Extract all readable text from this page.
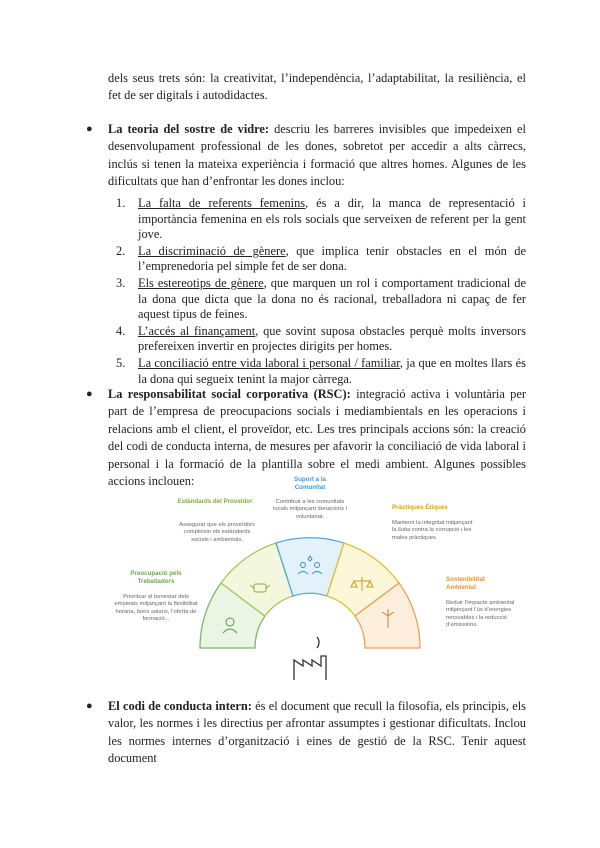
dels seus trets són: la creativitat, l’independència, l’adaptabilitat, la resiliència, el fet de ser digitals i autodidactes.
● La teoria del sostre de vidre: descriu les barreres invisibles que impedeixen el desenvolupament professional de les dones, sobretot per accedir a alts càrrecs, inclús si tenen la mateixa experiència i formació que altres homes. Algunes de les dificultats que han d’enfrontar les dones inclou:
1. La falta de referents femenins, és a dir, la manca de representació i importància femenina en els rols socials que serveixen de referent per la gent jove.
2. La discriminació de gènere, que implica tenir obstacles en el món de l’emprenedoria pel simple fet de ser dona.
3. Els estereotips de gènere, que marquen un rol i comportament tradicional de la dona que dicta que la dona no és racional, treballadora ni capaç de fer aquest tipus de feines.
4. L’accés al finançament, que sovint suposa obstacles perquè molts inversors prefereixen invertir en projectes dirigits per homes.
5. La conciliació entre vida laboral i personal / familiar, ja que en moltes llars és la dona qui segueix tenint la major càrrega.
● La responsabilitat social corporativa (RSC): integració activa i voluntària per part de l’empresa de preocupacions socials i mediambientals en les operacions i relacions amb el client, el proveïdor, etc. Les tres principals accions són: la creació del codi de conducta interna, de mesures per afavorir la conciliació de vida laboral i personal i la formació de la plantilla sobre el medi ambient. Algunes possibles accions inclouen:
Preocupació pels Treballadors
Prioritzar el benestar dels empleats mitjançant la flexibilitat horària, bons salaris, l’oferta de formació...
Estàndards del Proveïdor
Assegurar que els proveïdors compleixin els estàndards socials i ambientals.
Suport a la Comunitat
Contribuir a les comunitats locals mitjançant donacions i voluntariat.
Pràctiques Ètiques
Mantenir la integritat mitjançant la lluita contra la corrupció i les males pràctiques.
Sostenibilitat Ambiental
Reduir l’impacte ambiental mitjançant l’ús d’energies renovables i la reducció d’emissions.
● El codi de conducta intern: és el document que recull la filosofia, els principis, els valor, les normes i les directius per afrontar assumptes i gestionar dificultats. Inclou les normes internes d’organització i eines de gestió de la RSC. Tenir aquest document
